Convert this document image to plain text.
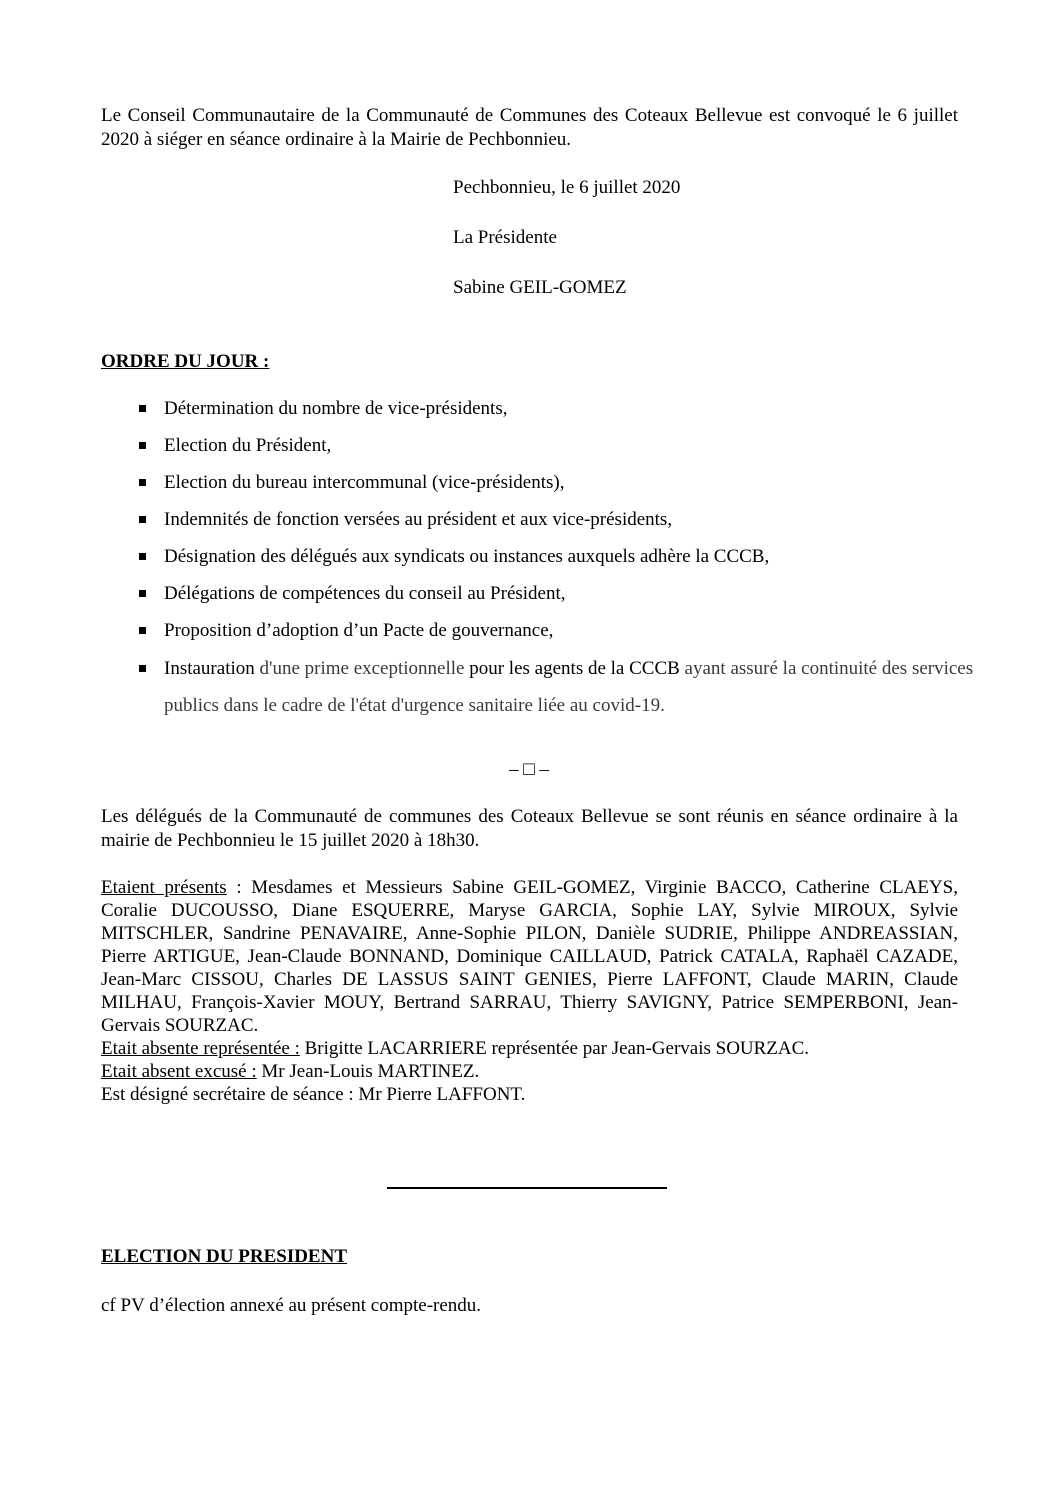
Le Conseil Communautaire de la Communauté de Communes des Coteaux Bellevue est convoqué le 6 juillet 2020 à siéger en séance ordinaire à la Mairie de Pechbonnieu.
Pechbonnieu, le 6 juillet 2020
La Présidente
Sabine GEIL-GOMEZ
ORDRE DU JOUR :
Détermination du nombre de vice-présidents,
Election du Président,
Election du bureau intercommunal (vice-présidents),
Indemnités de fonction versées au président et aux vice-présidents,
Désignation des délégués aux syndicats ou instances auxquels adhère la CCCB,
Délégations de compétences du conseil au Président,
Proposition d’adoption d’un Pacte de gouvernance,
Instauration d'une prime exceptionnelle pour les agents de la CCCB ayant assuré la continuité des services publics dans le cadre de l'état d'urgence sanitaire liée au covid-19.
– □ –
Les délégués de la Communauté de communes des Coteaux Bellevue se sont réunis en séance ordinaire à la mairie de Pechbonnieu le 15 juillet 2020 à 18h30.
Etaient présents : Mesdames et Messieurs Sabine GEIL-GOMEZ, Virginie BACCO, Catherine CLAEYS, Coralie DUCOUSSO, Diane ESQUERRE, Maryse GARCIA, Sophie LAY, Sylvie MIROUX, Sylvie MITSCHLER, Sandrine PENAVAIRE, Anne-Sophie PILON, Danièle SUDRIE, Philippe ANDREASSIAN, Pierre ARTIGUE, Jean-Claude BONNAND, Dominique CAILLAUD, Patrick CATALA, Raphaël CAZADE, Jean-Marc CISSOU, Charles DE LASSUS SAINT GENIES, Pierre LAFFONT, Claude MARIN, Claude MILHAU, François-Xavier MOUY, Bertrand SARRAU, Thierry SAVIGNY, Patrice SEMPERBONI, Jean-Gervais SOURZAC.
Etait absente représentée : Brigitte LACARRIERE représentée par Jean-Gervais SOURZAC.
Etait absent excusé : Mr Jean-Louis MARTINEZ.
Est désigné secrétaire de séance : Mr Pierre LAFFONT.
ELECTION DU PRESIDENT
cf PV d’élection annexé au présent compte-rendu.
